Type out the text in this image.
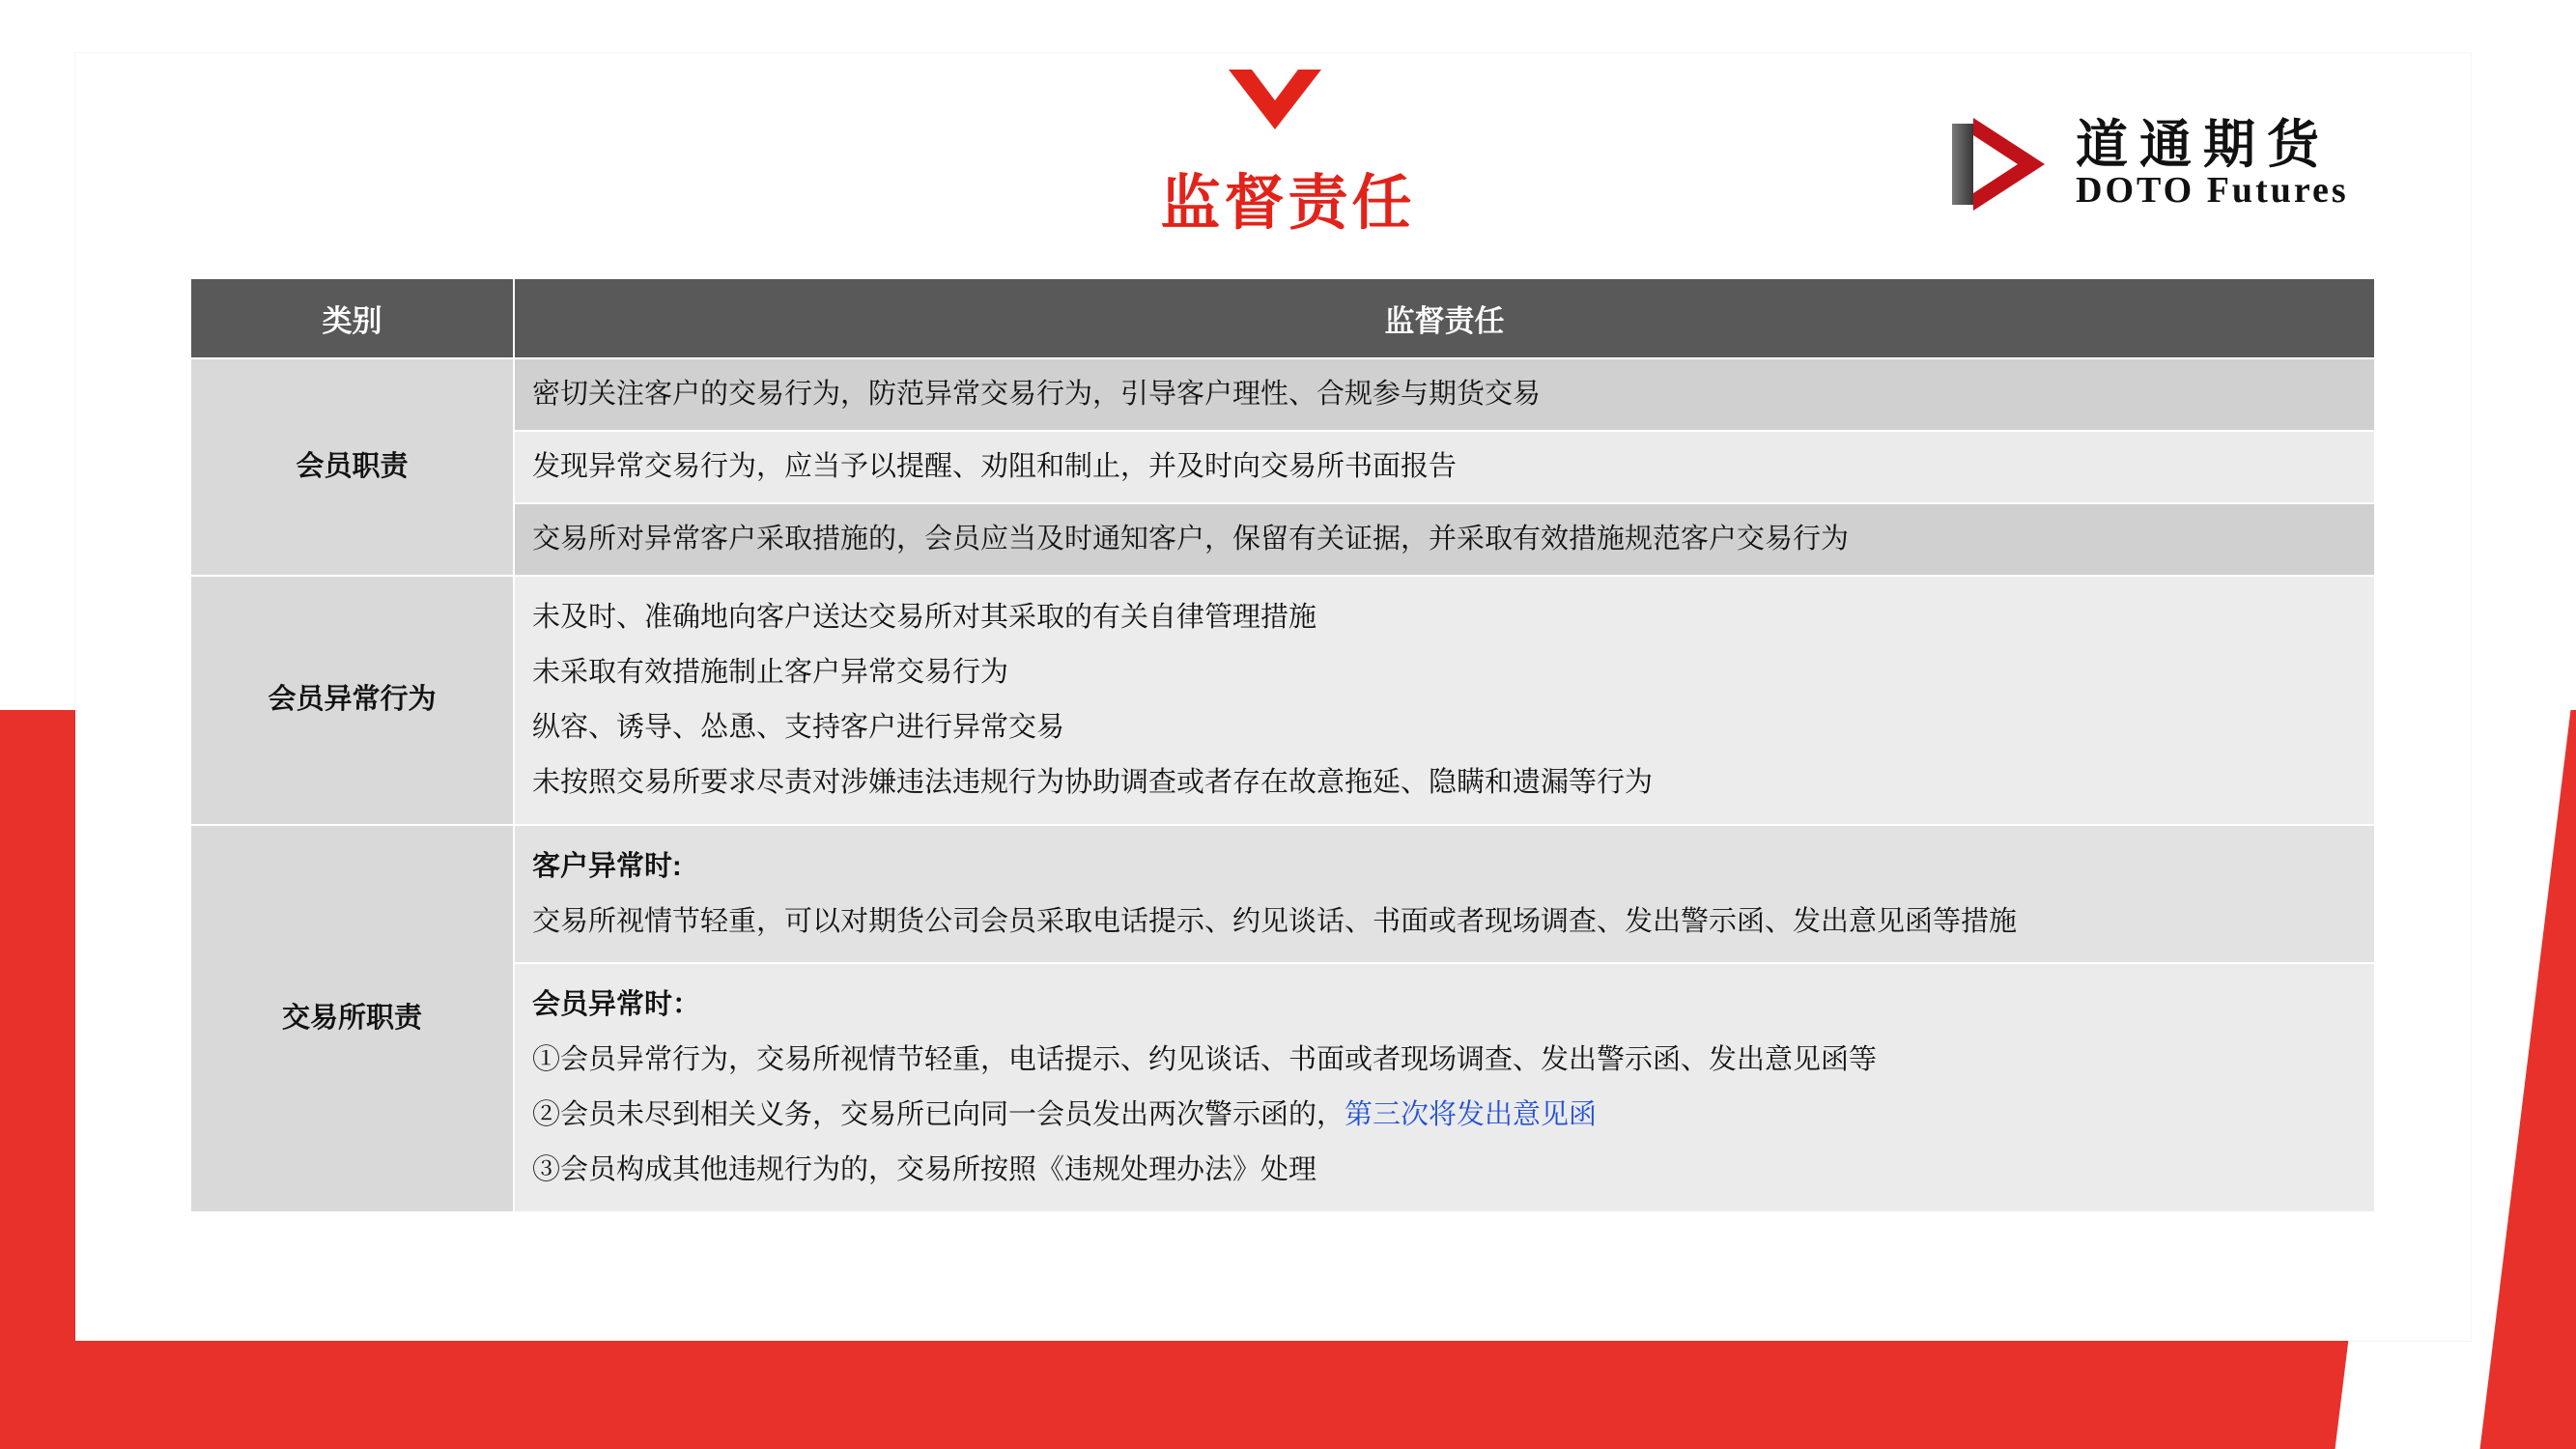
监督责任
道通期货
DOTO Futures
类别	监督责任
会员职责	密切关注客户的交易行为，防范异常交易行为，引导客户理性、合规参与期货交易
	发现异常交易行为，应当予以提醒、劝阻和制止，并及时向交易所书面报告
	交易所对异常客户采取措施的，会员应当及时通知客户，保留有关证据，并采取有效措施规范客户交易行为
会员异常行为	未及时、准确地向客户送达交易所对其采取的有关自律管理措施

未采取有效措施制止客户异常交易行为

纵容、诱导、怂恿、支持客户进行异常交易

未按照交易所要求尽责对涉嫌违法违规行为协助调查或者存在故意拖延、隐瞒和遗漏等行为

交易所职责	客户异常时:

交易所视情节轻重，可以对期货公司会员采取电话提示、约见谈话、书面或者现场调查、发出警示函、发出意见函等措施

	会员异常时：

①会员异常行为，交易所视情节轻重，电话提示、约见谈话、书面或者现场调查、发出警示函、发出意见函等

②会员未尽到相关义务，交易所已向同一会员发出两次警示函的，第三次将发出意见函

③会员构成其他违规行为的，交易所按照《违规处理办法》处理
